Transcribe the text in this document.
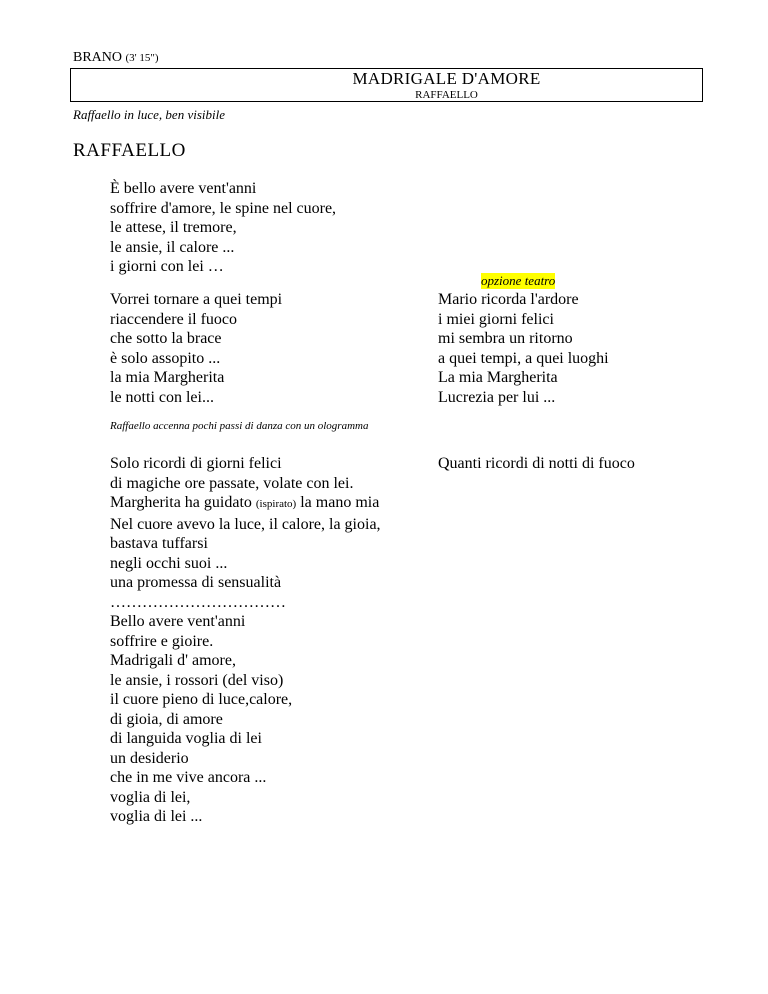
BRANO (3' 15")
MADRIGALE D'AMORE
RAFFAELLO
Raffaello in luce, ben visibile
RAFFAELLO
È bello avere vent'anni
soffrire d'amore, le spine nel cuore,
le attese, il tremore,
le ansie, il calore ...
i giorni con lei …
opzione teatro
Vorrei tornare a quei tempi
riaccendere il fuoco
che sotto la brace
è solo assopito ...
la mia Margherita
le notti con lei...
Mario ricorda l'ardore
i miei giorni felici
mi sembra un ritorno
a quei tempi, a quei luoghi
La mia Margherita
Lucrezia per lui ...
Raffaello accenna pochi passi di danza con un ologramma
Solo ricordi di giorni felici
di magiche ore passate, volate con lei.
Margherita ha guidato (ispirato) la mano mia
Nel cuore avevo la luce, il calore, la gioia,
bastava tuffarsi
negli occhi suoi ...
una promessa di sensualità
……………………………
Bello avere vent'anni
soffrire e gioire.
Madrigali d' amore,
le ansie, i rossori (del viso)
il cuore pieno di luce,calore,
di gioia, di amore
di languida voglia di lei
un desiderio
che in me vive ancora ...
voglia di lei,
voglia di lei ...
Quanti ricordi di notti di fuoco
